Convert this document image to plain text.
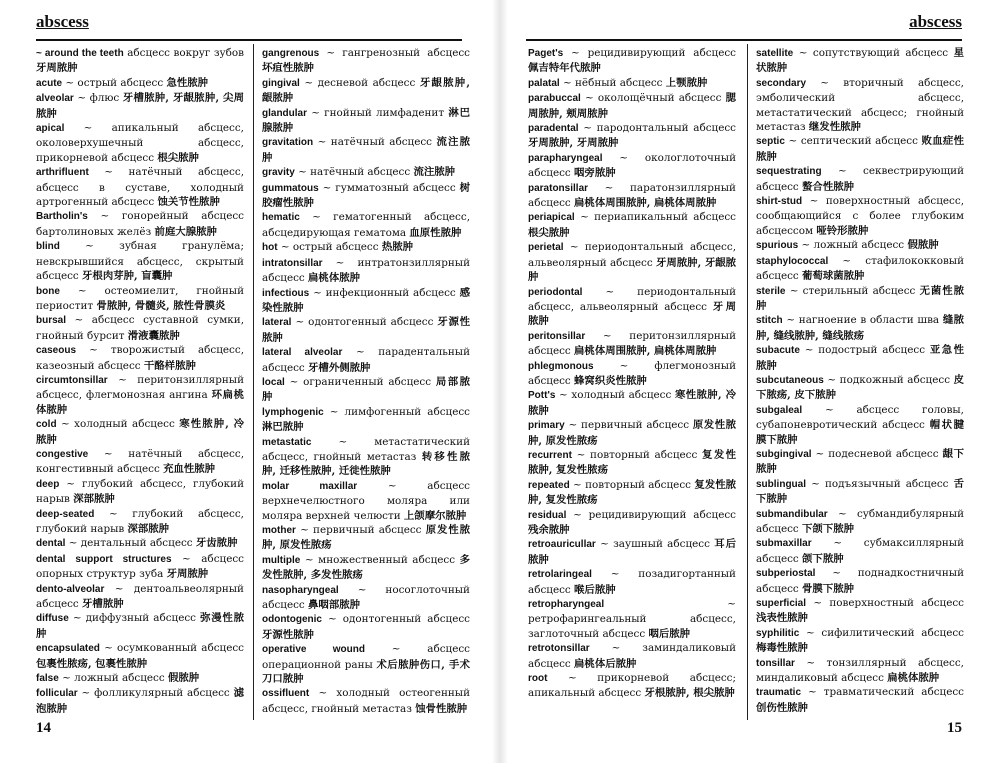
abscess

~ around the teeth абсцесс вокруг зубов 牙周脓肿

acute ~ острый абсцесс 急性脓肿

alveolar ~ флюс 牙槽脓肿, 牙龈脓肿, 尖周脓肿

apical ~ апикальный абсцесс, околоверхушечный абсцесс, прикорневой абсцесс 根尖脓肿

arthrifluent ~ натёчный абсцесс, абсцесс в суставе, холодный артрогенный абсцесс 蚀关节性脓肿

Bartholin's ~ гонорейный абсцесс бартолиновых желёз 前庭大腺脓肿

blind ~ зубная гранулёма; невскрывшийся абсцесс, скрытый абсцесс 牙根肉芽肿, 盲囊肿

bone ~ остеомиелит, гнойный периостит 骨脓肿, 骨髓炎, 脓性骨膜炎

bursal ~ абсцесс суставной сумки, гнойный бурсит 滑液囊脓肿

caseous ~ творожистый абсцесс, казеозный абсцесс 干酪样脓肿

circumtonsillar ~ перитонзиллярный абсцесс, флегмонозная ангина 环扁桃体脓肿

cold ~ холодный абсцесс 寒性脓肿, 冷脓肿

congestive ~ натёчный абсцесс, конгестивный абсцесс 充血性脓肿

deep ~ глубокий абсцесс, глубокий нарыв 深部脓肿

deep-seated ~ глубокий абсцесс, глубокий нарыв 深部脓肿

dental ~ дентальный абсцесс 牙齿脓肿

dental support structures ~ абсцесс опорных структур зуба 牙周脓肿

dento-alveolar ~ дентоальвеолярный абсцесс 牙槽脓肿

diffuse ~ диффузный абсцесс 弥漫性脓肿

encapsulated ~ осумкованный абсцесс 包裹性脓疡, 包裹性脓肿

false ~ ложный абсцесс 假脓肿

follicular ~ фолликулярный абсцесс 滤泡脓肿

gangrenous ~ гангренозный абсцесс 坏疽性脓肿

gingival ~ десневой абсцесс 牙龈脓肿, 龈脓肿

glandular ~ гнойный лимфаденит 淋巴腺脓肿

gravitation ~ натёчный абсцесс 流注脓肿

gravity ~ натёчный абсцесс 流注脓肿

gummatous ~ гумматозный абсцесс 树胶瘤性脓肿

hematic ~ гематогенный абсцесс, абсцедирующая гематома 血原性脓肿

hot ~ острый абсцесс 热脓肿

intratonsillar ~ интратонзиллярный абсцесс 扁桃体脓肿

infectious ~ инфекционный абсцесс 感染性脓肿

lateral ~ одонтогенный абсцесс 牙源性脓肿

lateral alveolar ~ парадентальный абсцесс 牙槽外侧脓肿

local ~ ограниченный абсцесс 局部脓肿

lymphogenic ~ лимфогенный абсцесс 淋巴脓肿

metastatic ~ метастатический абсцесс, гнойный метастаз 转移性脓肿, 迁移性脓肿, 迁徙性脓肿

molar maxillar ~ абсцесс верхнечелюстного моляра или моляра верхней челюсти 上颌摩尔脓肿

mother ~ первичный абсцесс 原发性脓肿, 原发性脓疡

multiple ~ множественный абсцесс 多发性脓肿, 多发性脓疡

nasopharyngeal ~ носоглоточный абсцесс 鼻咽部脓肿

odontogenic ~ одонтогенный абсцесс 牙源性脓肿

operative wound ~ абсцесс операционной раны 术后脓肿伤口, 手术刀口脓肿

ossifluent ~ холодный остеогенный абсцесс, гнойный метастаз 蚀骨性脓肿

14
abscess

Paget's ~ рецидивирующий абсцесс 佩吉特年代脓肿

palatal ~ нёбный абсцесс 上颚脓肿

parabuccal ~ околощёчный абсцесс 腮周脓肿, 颊周脓肿

paradental ~ пародонтальный абсцесс 牙周脓肿, 牙周脓肿

parapharyngeal ~ окологлоточный абсцесс 咽旁脓肿

paratonsillar ~ паратонзиллярный абсцесс 扁桃体周围脓肿, 扁桃体周脓肿

periapical ~ периапикальный абсцесс 根尖脓肿

perietal ~ периодонтальный абсцесс, альвеолярный абсцесс 牙周脓肿, 牙龈脓肿

periodontal ~ периодонтальный абсцесс, альвеолярный абсцесс 牙周脓肿

peritonsillar ~ перитонзиллярный абсцесс 扁桃体周围脓肿, 扁桃体周脓肿

phlegmonous ~ флегмонозный абсцесс 蜂窝织炎性脓肿

Pott's ~ холодный абсцесс 寒性脓肿, 冷脓肿

primary ~ первичный абсцесс 原发性脓肿, 原发性脓疡

recurrent ~ повторный абсцесс 复发性脓肿, 复发性脓疡

repeated ~ повторный абсцесс 复发性脓肿, 复发性脓疡

residual ~ рецидивирующий абсцесс 残余脓肿

retroauricullar ~ заушный абсцесс 耳后脓肿

retrolaringeal ~ позадигортанный абсцесс 喉后脓肿

retropharyngeal ~ ретрофарингеальный абсцесс, заглоточный абсцесс 咽后脓肿

retrotonsillar ~ заминдаликовый абсцесс 扁桃体后脓肿

root ~ прикорневой абсцесс; апикальный абсцесс 牙根脓肿, 根尖脓肿

satellite ~ сопутствующий абсцесс 星状脓肿

secondary ~ вторичный абсцесс, эмболический абсцесс, метастатический абсцесс; гнойный метастаз 继发性脓肿

septic ~ септический абсцесс 败血症性脓肿

sequestrating ~ секвестрирующий абсцесс 螯合性脓肿

shirt-stud ~ поверхностный абсцесс, сообщающийся с более глубоким абсцессом 哑铃形脓肿

spurious ~ ложный абсцесс 假脓肿

staphylococcal ~ стафилококковый абсцесс 葡萄球菌脓肿

sterile ~ стерильный абсцесс 无菌性脓肿

stitch ~ нагноение в области шва 缝脓肿, 缝线脓肿, 缝线脓疡

subacute ~ подострый абсцесс 亚急性脓肿

subcutaneous ~ подкожный абсцесс 皮下脓疡, 皮下脓肿

subgaleal ~ абсцесс головы, субапоневротический абсцесс 帽状腱膜下脓肿

subgingival ~ подесневой абсцесс 龈下脓肿

sublingual ~ подъязычный абсцесс 舌下脓肿

submandibular ~ субмандибулярный абсцесс 下颌下脓肿

submaxillar ~ субмаксиллярный абсцесс 颌下脓肿

subperiostal ~ поднадкостничный абсцесс 骨膜下脓肿

superficial ~ поверхностный абсцесс 浅表性脓肿

syphilitic ~ сифилитический абсцесс 梅毒性脓肿

tonsillar ~ тонзиллярный абсцесс, миндаликовый абсцесс 扁桃体脓肿

traumatic ~ травматический абсцесс 创伤性脓肿

15
